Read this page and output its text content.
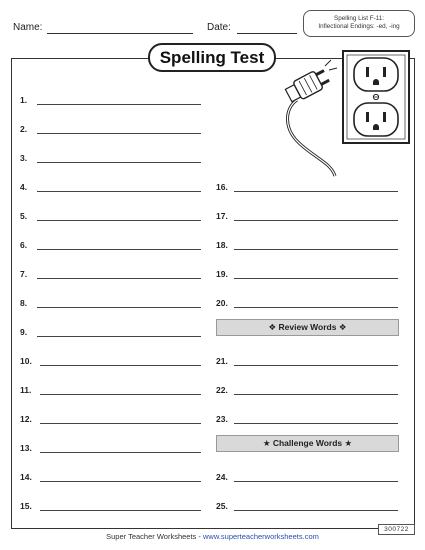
Name:	Date:
Spelling List F-11:
Inflectional Endings: -ed, -ing
Spelling Test
1.
2.
3.
4.
5.
6.
7.
8.
9.
10.
11.
12.
13.
14.
15.
16.
17.
18.
19.
20.
❖ Review Words ❖
21.
22.
23.
★ Challenge Words ★
24.
25.
Super Teacher Worksheets - www.superteacherworksheets.com
300722
